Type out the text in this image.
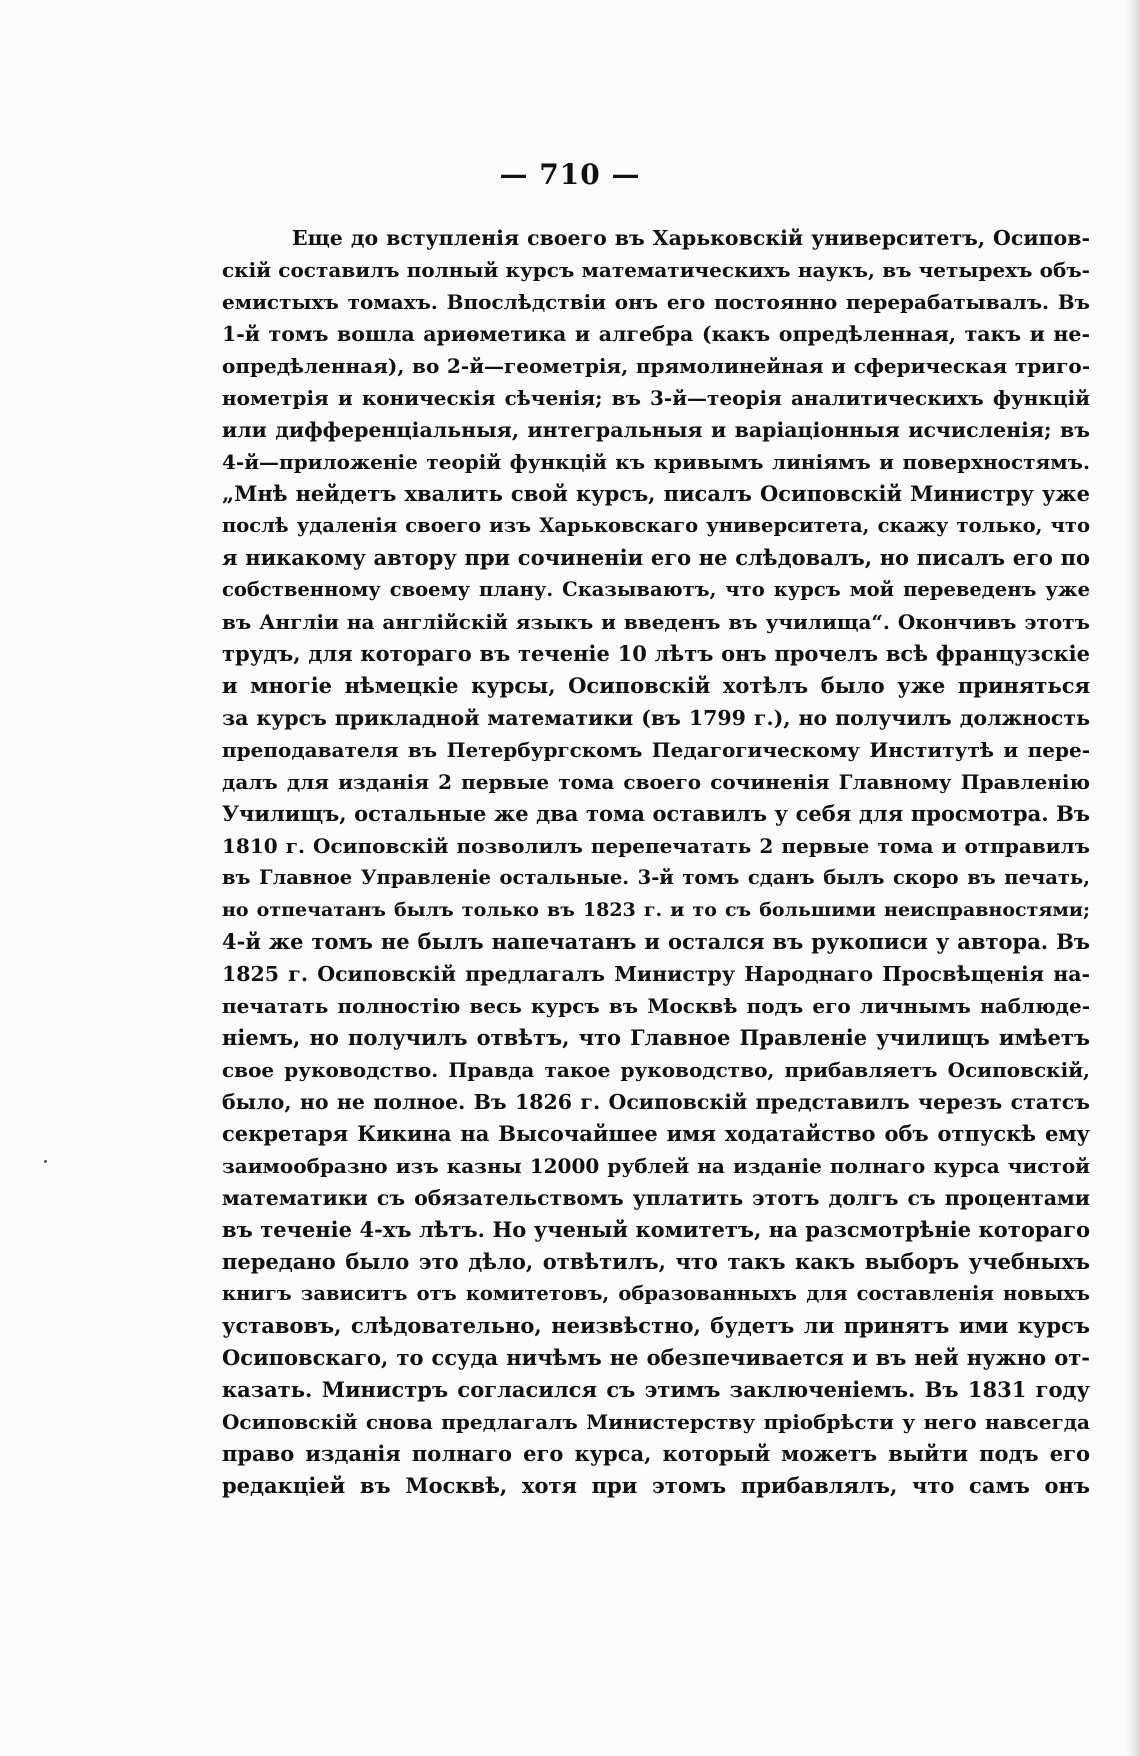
— 710 —
Еще до вступленія своего въ Харьковскій университетъ, Осипов-
скій составилъ полный курсъ математическихъ наукъ, въ четырехъ объ-
емистыхъ томахъ. Впослѣдствіи онъ его постоянно перерабатывалъ. Въ
1-й томъ вошла ариѳметика и алгебра (какъ опредѣленная, такъ и не-
опредѣленная), во 2-й—геометрія, прямолинейная и сферическая триго-
нометрія и коническія сѣченія; въ 3-й—теорія аналитическихъ функцій
или дифференціальныя, интегральныя и варіаціонныя исчисленія; въ
4-й—приложеніе теорій функцій къ кривымъ линіямъ и поверхностямъ.
„Мнѣ нейдетъ хвалить свой курсъ, писалъ Осиповскій Министру уже
послѣ удаленія своего изъ Харьковскаго университета, скажу только, что
я никакому автору при сочиненіи его не слѣдовалъ, но писалъ его по
собственному своему плану. Сказываютъ, что курсъ мой переведенъ уже
въ Англіи на англійскій языкъ и введенъ въ училища“. Окончивъ этотъ
трудъ, для котораго въ теченіе 10 лѣтъ онъ прочелъ всѣ французскіе
и многіе нѣмецкіе курсы, Осиповскій хотѣлъ было уже приняться
за курсъ прикладной математики (въ 1799 г.), но получилъ должность
преподавателя въ Петербургскомъ Педагогическому Институтѣ и пере-
далъ для изданія 2 первые тома своего сочиненія Главному Правленію
Училищъ, остальные же два тома оставилъ у себя для просмотра. Въ
1810 г. Осиповскій позволилъ перепечатать 2 первые тома и отправилъ
въ Главное Управленіе остальные. 3-й томъ сданъ былъ скоро въ печать,
но отпечатанъ былъ только въ 1823 г. и то съ большими неисправностями;
4-й же томъ не былъ напечатанъ и остался въ рукописи у автора. Въ
1825 г. Осиповскій предлагалъ Министру Народнаго Просвѣщенія на-
печатать полностію весь курсъ въ Москвѣ подъ его личнымъ наблюде-
ніемъ, но получилъ отвѣтъ, что Главное Правленіе училищъ имѣетъ
свое руководство. Правда такое руководство, прибавляетъ Осиповскій,
было, но не полное. Въ 1826 г. Осиповскій представилъ черезъ статсъ
секретаря Кикина на Высочайшее имя ходатайство объ отпускѣ ему
заимообразно изъ казны 12000 рублей на изданіе полнаго курса чистой
математики съ обязательствомъ уплатить этотъ долгъ съ процентами
въ теченіе 4-хъ лѣтъ. Но ученый комитетъ, на разсмотрѣніе котораго
передано было это дѣло, отвѣтилъ, что такъ какъ выборъ учебныхъ
книгъ зависитъ отъ комитетовъ, образованныхъ для составленія новыхъ
уставовъ, слѣдовательно, неизвѣстно, будетъ ли принятъ ими курсъ
Осиповскаго, то ссуда ничѣмъ не обезпечивается и въ ней нужно от-
казать. Министръ согласился съ этимъ заключеніемъ. Въ 1831 году
Осиповскій снова предлагалъ Министерству пріобрѣсти у него навсегда
право изданія полнаго его курса, который можетъ выйти подъ его
редакціей въ Москвѣ, хотя при этомъ прибавлялъ, что самъ онъ
